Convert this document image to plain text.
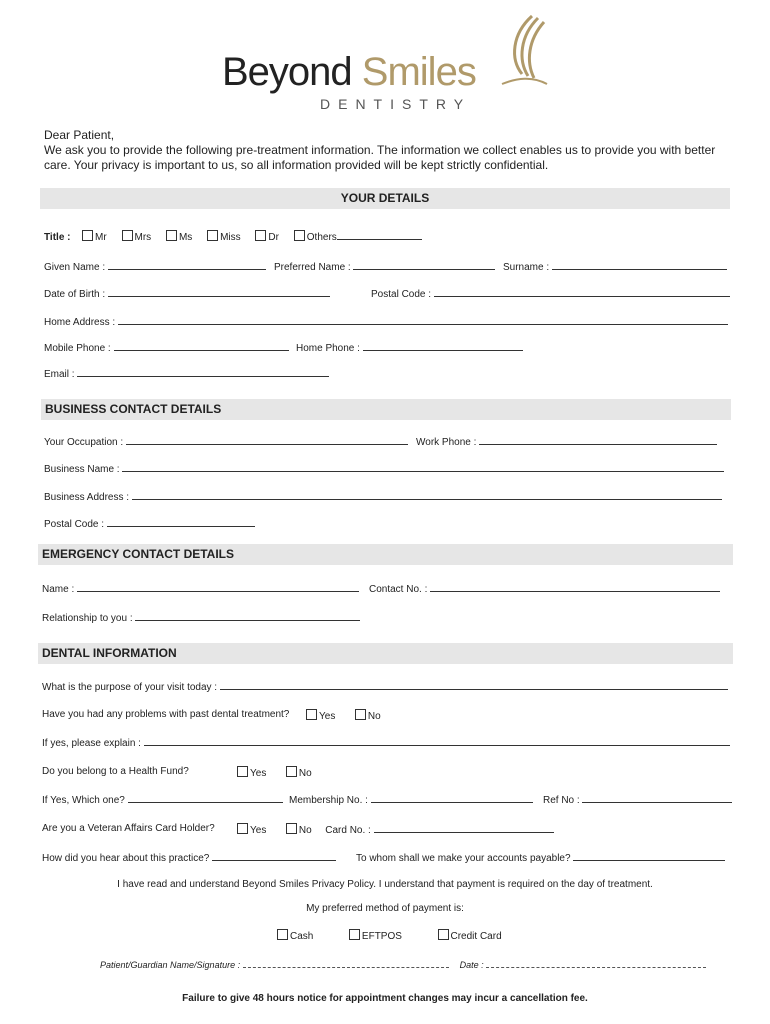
Beyond Smiles
DENTISTRY

Dear Patient,

We ask you to provide the following pre-treatment information. The information we collect enables us to provide you with better care. Your privacy is important to us, so all information provided will be kept strictly confidential.

YOUR DETAILS
Title : Mr	Mrs	Ms	Miss	Dr	Others
Given Name :	Preferred Name :	Surname :
Date of Birth :	Postal Code :
Home Address :
Mobile Phone :	Home Phone :
Email :
BUSINESS CONTACT DETAILS
Your Occupation :	Work Phone :
Business Name :
Business Address :
Postal Code :
EMERGENCY CONTACT DETAILS
Name :	Contact No. :
Relationship to you :
DENTAL INFORMATION
What is the purpose of your visit today :
Have you had any problems with past dental treatment?	Yes	No
If yes, please explain :
Do you belong to a Health Fund?	Yes	No
If Yes, Which one?	Membership No. :	Ref No :
Are you a Veteran Affairs Card Holder?	Yes	No Card No. :
How did you hear about this practice?	To whom shall we make your accounts payable?
I have read and understand Beyond Smiles Privacy Policy. I understand that payment is required on the day of treatment.
My preferred method of payment is:
Cash	EFTPOS	Credit Card
Patient/Guardian Name/Signature :	Date :
Failure to give 48 hours notice for appointment changes may incur a cancellation fee.
